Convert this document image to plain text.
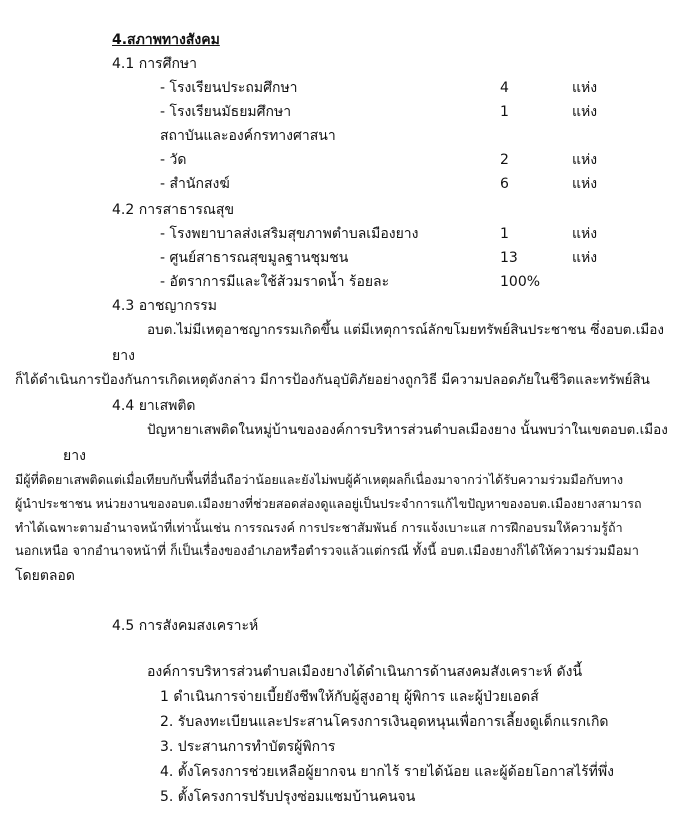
4.สภาพทางสังคม
4.1 การศึกษา
- โรงเรียนประถมศึกษา	4	แห่ง
- โรงเรียนมัธยมศึกษา	1	แห่ง
สถาบันและองค์กรทางศาสนา
- วัด	2	แห่ง
- สำนักสงฆ์	6	แห่ง
4.2 การสาธารณสุข
- โรงพยาบาลส่งเสริมสุขภาพตำบลเมืองยาง	1	แห่ง
- ศูนย์สาธารณสุขมูลฐานชุมชน	13	แห่ง
- อัตราการมีและใช้ส้วมราดน้ำ ร้อยละ	100%
4.3 อาชญากรรม
อบต.ไม่มีเหตุอาชญากรรมเกิดขึ้น แต่มีเหตุการณ์ลักขโมยทรัพย์สินประชาชน ซึ่งอบต.เมือง
ยาง
ก็ได้ดำเนินการป้องกันการเกิดเหตุดังกล่าว มีการป้องกันอุบัติภัยอย่างถูกวิธี มีความปลอดภัยในชีวิตและทรัพย์สิน
4.4 ยาเสพติด
ปัญหายาเสพติดในหมู่บ้านขององค์การบริหารส่วนตำบลเมืองยาง นั้นพบว่าในเขตอบต.เมือง
ยาง
มีผู้ที่ติดยาเสพติดแต่เมื่อเทียบกับพื้นที่อื่นถือว่าน้อยและยังไม่พบผู้ค้าเหตุผลก็เนื่องมาจากว่าได้รับความร่วมมือกับทาง
ผู้นำประชาชน หน่วยงานของอบต.เมืองยางที่ช่วยสอดส่องดูแลอยู่เป็นประจำการแก้ไขปัญหาของอบต.เมืองยางสามารถ
ทำได้เฉพาะตามอำนาจหน้าที่เท่านั้นเช่น การรณรงค์ การประชาสัมพันธ์ การแจ้งเบาะแส การฝึกอบรมให้ความรู้ถ้า
นอกเหนือ จากอำนาจหน้าที่ ก็เป็นเรื่องของอำเภอหรือตำรวจแล้วแต่กรณี ทั้งนี้ อบต.เมืองยางก็ได้ให้ความร่วมมือมา
โดยตลอด
4.5 การสังคมสงเคราะห์
องค์การบริหารส่วนตำบลเมืองยางได้ดำเนินการด้านสงคมสังเคราะห์ ดังนี้
1 ดำเนินการจ่ายเบี้ยยังชีพให้กับผู้สูงอายุ ผู้พิการ และผู้ป่วยเอดส์
2. รับลงทะเบียนและประสานโครงการเงินอุดหนุนเพื่อการเลี้ยงดูเด็กแรกเกิด
3. ประสานการทำบัตรผู้พิการ
4. ตั้งโครงการช่วยเหลือผู้ยากจน ยากไร้ รายได้น้อย และผู้ด้อยโอกาสไร้ที่พึ่ง
5. ตั้งโครงการปรับปรุงซ่อมแซมบ้านคนจน
